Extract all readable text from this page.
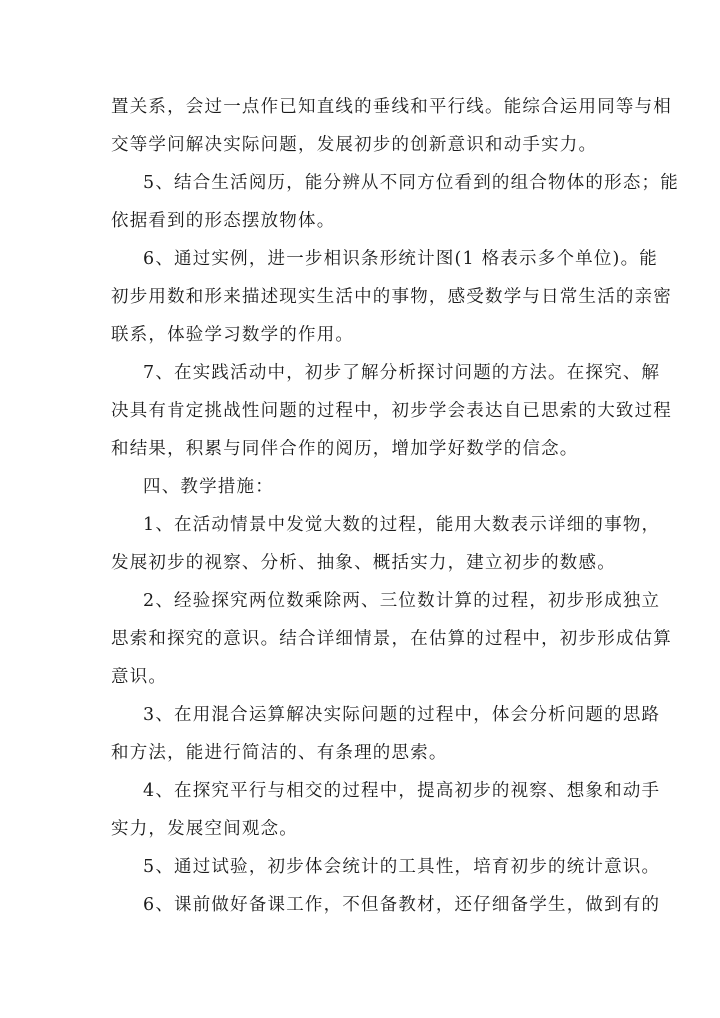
置关系，会过一点作已知直线的垂线和平行线。能综合运用同等与相
交等学问解决实际问题，发展初步的创新意识和动手实力。
5、结合生活阅历，能分辨从不同方位看到的组合物体的形态；能
依据看到的形态摆放物体。
6、通过实例，进一步相识条形统计图(1 格表示多个单位)。能
初步用数和形来描述现实生活中的事物，感受数学与日常生活的亲密
联系，体验学习数学的作用。
7、在实践活动中，初步了解分析探讨问题的方法。在探究、解
决具有肯定挑战性问题的过程中，初步学会表达自已思索的大致过程
和结果，积累与同伴合作的阅历，增加学好数学的信念。
四、教学措施：
1、在活动情景中发觉大数的过程，能用大数表示详细的事物，
发展初步的视察、分析、抽象、概括实力，建立初步的数感。
2、经验探究两位数乘除两、三位数计算的过程，初步形成独立
思索和探究的意识。结合详细情景，在估算的过程中，初步形成估算
意识。
3、在用混合运算解决实际问题的过程中，体会分析问题的思路
和方法，能进行简洁的、有条理的思索。
4、在探究平行与相交的过程中，提高初步的视察、想象和动手
实力，发展空间观念。
5、通过试验，初步体会统计的工具性，培育初步的统计意识。
6、课前做好备课工作，不但备教材，还仔细备学生，做到有的
